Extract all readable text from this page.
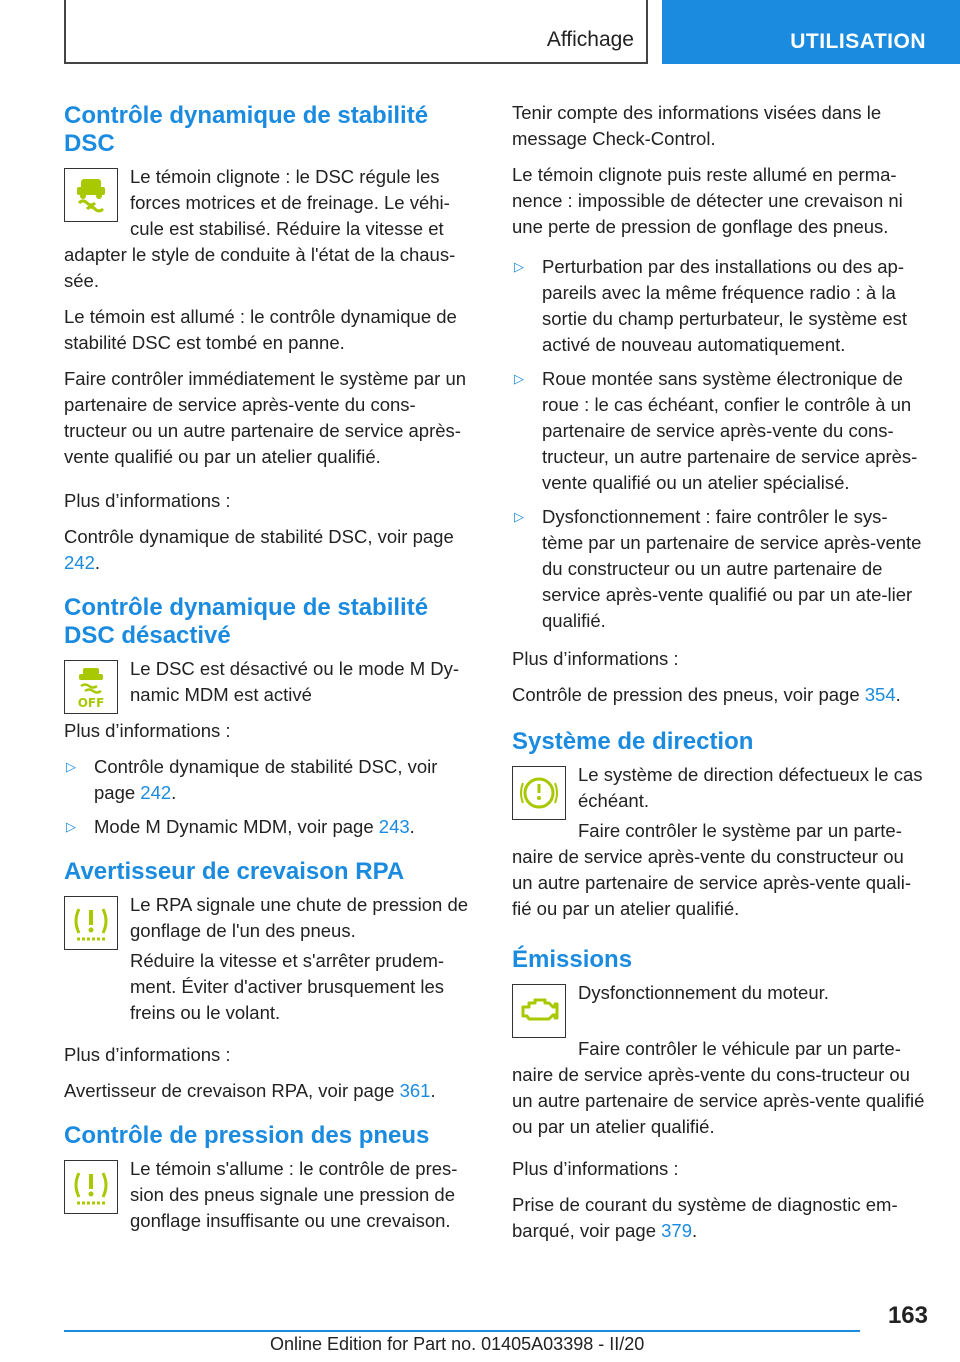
Affichage	UTILISATION
Contrôle dynamique de stabilité DSC

Le témoin clignote : le DSC régule les forces motrices et de freinage. Le véhi-cule est stabilisé. Réduire la vitesse et adapter le style de conduite à l'état de la chaus-sée.

Le témoin est allumé : le contrôle dynamique de stabilité DSC est tombé en panne.

Faire contrôler immédiatement le système par un partenaire de service après-vente du cons-tructeur ou un autre partenaire de service après-vente qualifié ou par un atelier qualifié.

Plus d’informations :

Contrôle dynamique de stabilité DSC, voir page 242.

Contrôle dynamique de stabilité DSC désactivé
OFF

Le DSC est désactivé ou le mode M Dy-namic MDM est activé

Plus d’informations :

▷ Contrôle dynamique de stabilité DSC, voir page 242.
▷ Mode M Dynamic MDM, voir page 243.
Avertisseur de crevaison RPA

Le RPA signale une chute de pression de gonflage de l'un des pneus.

Réduire la vitesse et s'arrêter prudem-ment. Éviter d'activer brusquement les freins ou le volant.

Plus d’informations :

Avertisseur de crevaison RPA, voir page 361.

Contrôle de pression des pneus

Le témoin s'allume : le contrôle de pres-sion des pneus signale une pression de gonflage insuffisante ou une crevaison.

Tenir compte des informations visées dans le message Check-Control.

Le témoin clignote puis reste allumé en perma-nence : impossible de détecter une crevaison ni une perte de pression de gonflage des pneus.

▷ Perturbation par des installations ou des ap-pareils avec la même fréquence radio : à la sortie du champ perturbateur, le système est activé de nouveau automatiquement.
▷ Roue montée sans système électronique de roue : le cas échéant, confier le contrôle à un partenaire de service après-vente du cons-tructeur, un autre partenaire de service après-vente qualifié ou un atelier spécialisé.
▷ Dysfonctionnement : faire contrôler le sys-tème par un partenaire de service après-vente du constructeur ou un autre partenaire de service après-vente qualifié ou par un ate-lier qualifié.

Plus d’informations :

Contrôle de pression des pneus, voir page 354.

Système de direction

Le système de direction défectueux le cas échéant.

Faire contrôler le système par un parte-naire de service après-vente du constructeur ou un autre partenaire de service après-vente quali-fié ou par un atelier qualifié.

Émissions

Dysfonctionnement du moteur.

Faire contrôler le véhicule par un parte-naire de service après-vente du cons-tructeur ou un autre partenaire de service après-vente qualifié ou par un atelier qualifié.

Plus d’informations :

Prise de courant du système de diagnostic em-barqué, voir page 379.

163
Online Edition for Part no. 01405A03398 - II/20
